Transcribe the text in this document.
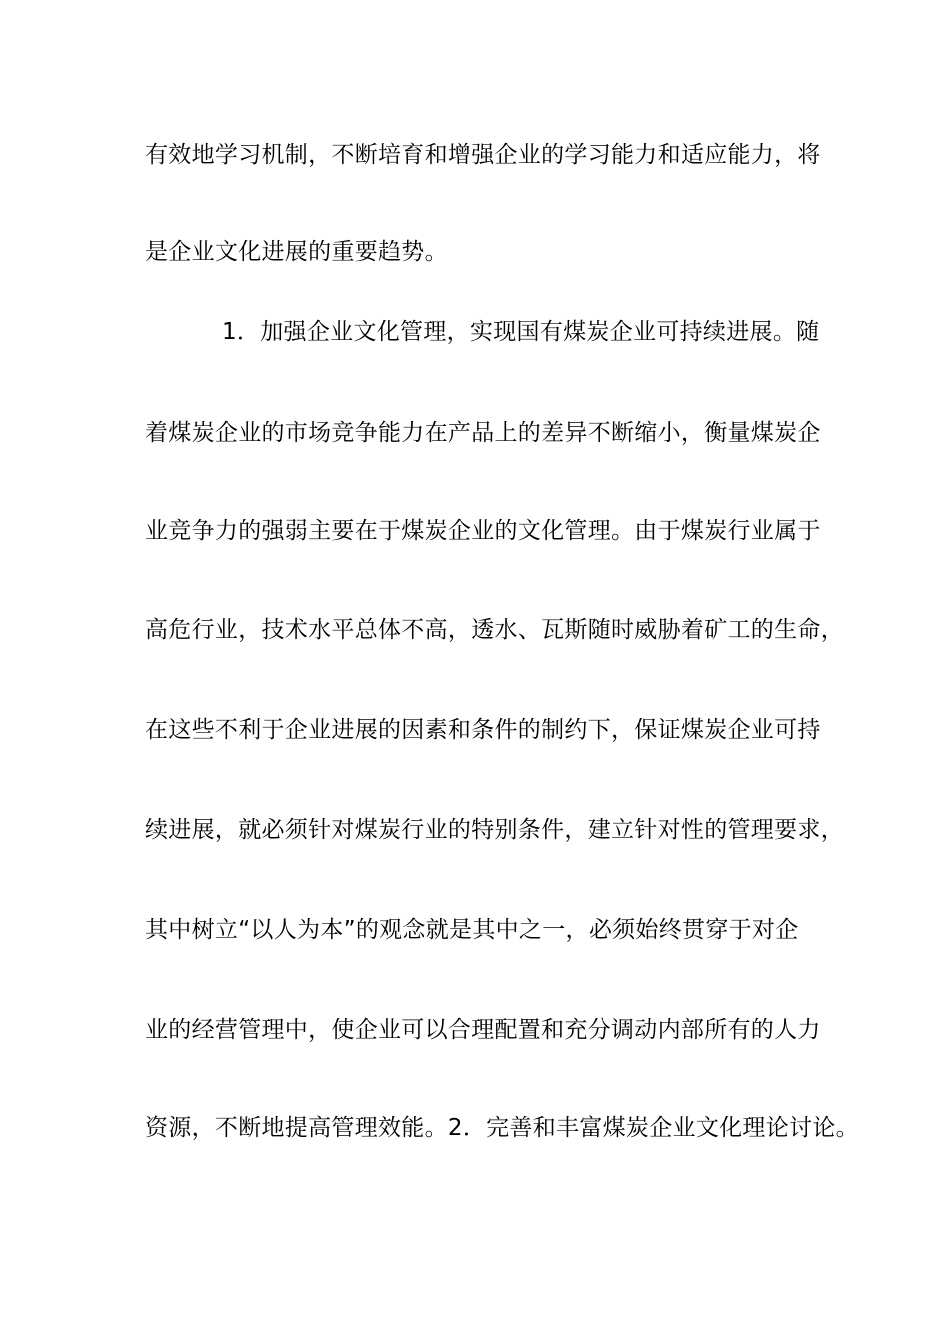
有效地学习机制，不断培育和增强企业的学习能力和适应能力，将
是企业文化进展的重要趋势。
1．加强企业文化管理，实现国有煤炭企业可持续进展。随
着煤炭企业的市场竞争能力在产品上的差异不断缩小，衡量煤炭企
业竞争力的强弱主要在于煤炭企业的文化管理。由于煤炭行业属于
高危行业，技术水平总体不高，透水、瓦斯随时威胁着矿工的生命，
在这些不利于企业进展的因素和条件的制约下，保证煤炭企业可持
续进展，就必须针对煤炭行业的特别条件，建立针对性的管理要求，
其中树立“以人为本”的观念就是其中之一，必须始终贯穿于对企
业的经营管理中，使企业可以合理配置和充分调动内部所有的人力
资源，不断地提高管理效能。2．完善和丰富煤炭企业文化理论讨论。
